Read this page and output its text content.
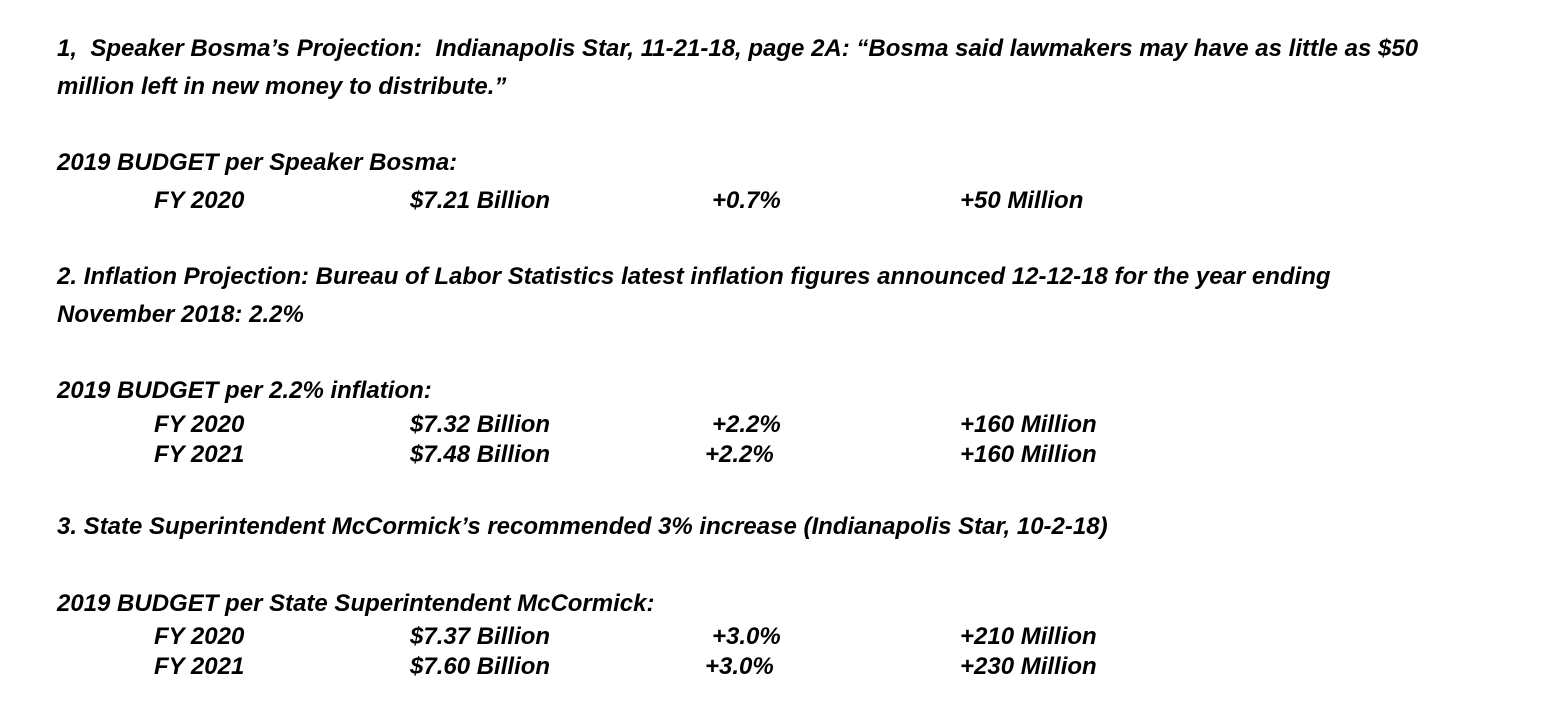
1,  Speaker Bosma’s Projection:  Indianapolis Star, 11-21-18, page 2A: “Bosma said lawmakers may have as little as $50
million left in new money to distribute.”
2019 BUDGET per Speaker Bosma:
FY 2020	$7.21 Billion	+0.7%	+50 Million
2. Inflation Projection: Bureau of Labor Statistics latest inflation figures announced 12-12-18 for the year ending
November 2018: 2.2%
2019 BUDGET per 2.2% inflation:
FY 2020	$7.32 Billion	+2.2%	+160 Million
FY 2021	$7.48 Billion	+2.2%	+160 Million
3. State Superintendent McCormick’s recommended 3% increase (Indianapolis Star, 10-2-18)
2019 BUDGET per State Superintendent McCormick:
FY 2020	$7.37 Billion	+3.0%	+210 Million
FY 2021	$7.60 Billion	+3.0%	+230 Million
